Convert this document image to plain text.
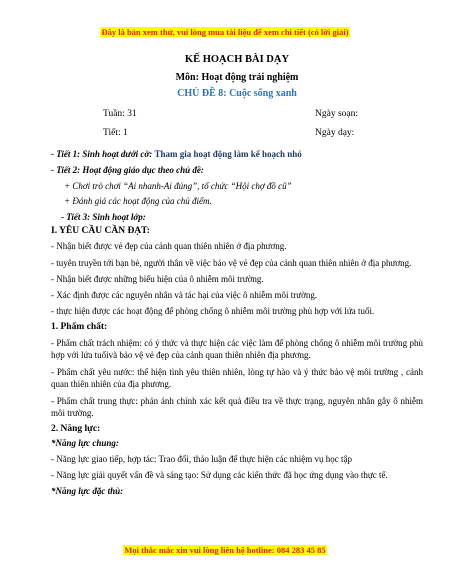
Đây là bản xem thử, vui lòng mua tài liệu để xem chi tiết (có lời giải)
KẾ HOẠCH BÀI DẠY
Môn: Hoạt động trải nghiệm
CHỦ ĐỀ 8: Cuộc sống xanh
Tuần: 31	Ngày soạn:
Tiết: 1	Ngày dạy:

- Tiết 1: Sinh hoạt dưới cờ: Tham gia hoạt động làm kế hoạch nhỏ

- Tiết 2: Hoạt động giáo dục theo chủ đề:

+ Chơi trò chơi “Ai nhanh-Ai đúng”, tổ chức “Hội chợ đồ cũ”

+ Đánh giá các hoạt động của chủ điểm.

- Tiết 3: Sinh hoạt lớp:

I. YÊU CẦU CẦN ĐẠT:

- Nhận biết được vẻ đẹp của cảnh quan thiên nhiên ở địa phương.

- tuyên truyền tới bạn bè, người thân về việc bảo vệ vẻ đẹp của cảnh quan thiên nhiên ở địa phương.

- Nhận biết được những biểu hiện của ô nhiễm môi trường.

- Xác định được các nguyên nhân và tác hại của việc ô nhiễm môi trường.

- thực hiện được các hoạt động để phòng chống ô nhiễm môi trường phù hợp với lứa tuổi.

1. Phẩm chất:

- Phẩm chất trách nhiệm: có ý thức và thực hiện các việc làm để phòng chống ô nhiễm môi trường phù hợp với lứa tuổivà bảo vệ vẻ đẹp của cảnh quan thiên nhiên địa phương.

- Phẩm chất yêu nước: thể hiện tình yêu thiên nhiên, lòng tự hào và ý thức bảo vệ môi trường , cảnh quan thiên nhiên của địa phương.

- Phẩm chất trung thực: phản ánh chính xác kết quả điều tra về thực trạng, nguyên nhân gây ô nhiễm môi trường.

2. Năng lực:

*Năng lực chung:

- Năng lực giao tiếp, hợp tác: Trao đổi, thảo luận để thực hiện các nhiệm vụ học tập

- Năng lực giải quyết vấn đề và sáng tạo: Sử dụng các kiến thức đã học ứng dụng vào thực tế.

*Năng lực đặc thù:

Mọi thắc mắc xin vui lòng liên hệ hotline: 084 283 45 85
